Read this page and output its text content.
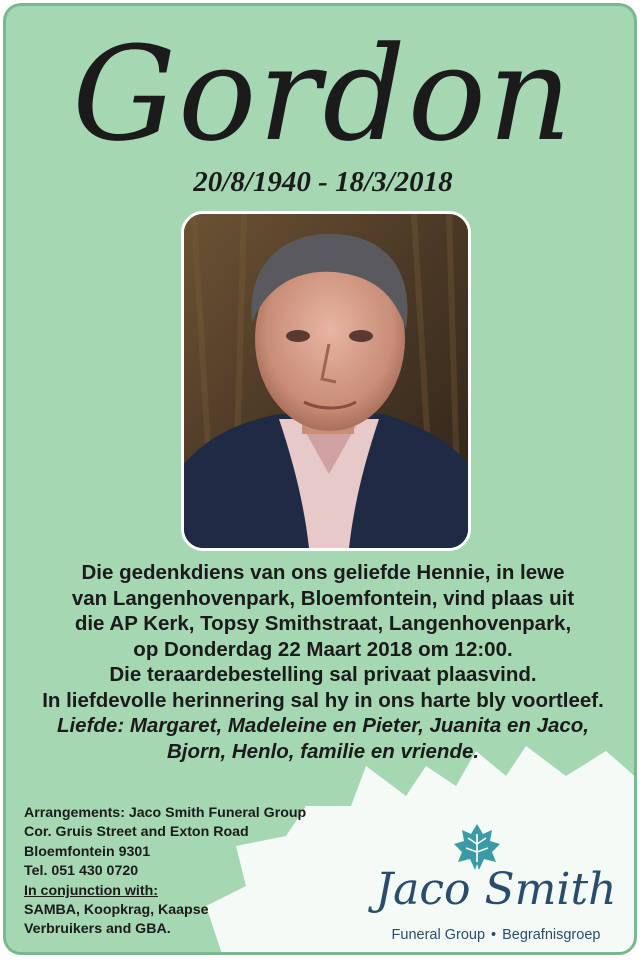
Gordon
20/8/1940 - 18/3/2018
Die gedenkdiens van ons geliefde Hennie, in lewe
van Langenhovenpark, Bloemfontein, vind plaas uit
die AP Kerk, Topsy Smithstraat, Langenhovenpark,
op Donderdag 22 Maart 2018 om 12:00.
Die teraardebestelling sal privaat plaasvind.
In liefdevolle herinnering sal hy in ons harte bly voortleef.
Liefde: Margaret, Madeleine en Pieter, Juanita en Jaco,
Bjorn, Henlo, familie en vriende.
Arrangements: Jaco Smith Funeral Group
Cor. Gruis Street and Exton Road
Bloemfontein 9301
Tel. 051 430 0720
In conjunction with:
SAMBA, Koopkrag, Kaapse
Verbruikers and GBA.
Jaco Smith
Funeral Group • Begrafnisgroep
